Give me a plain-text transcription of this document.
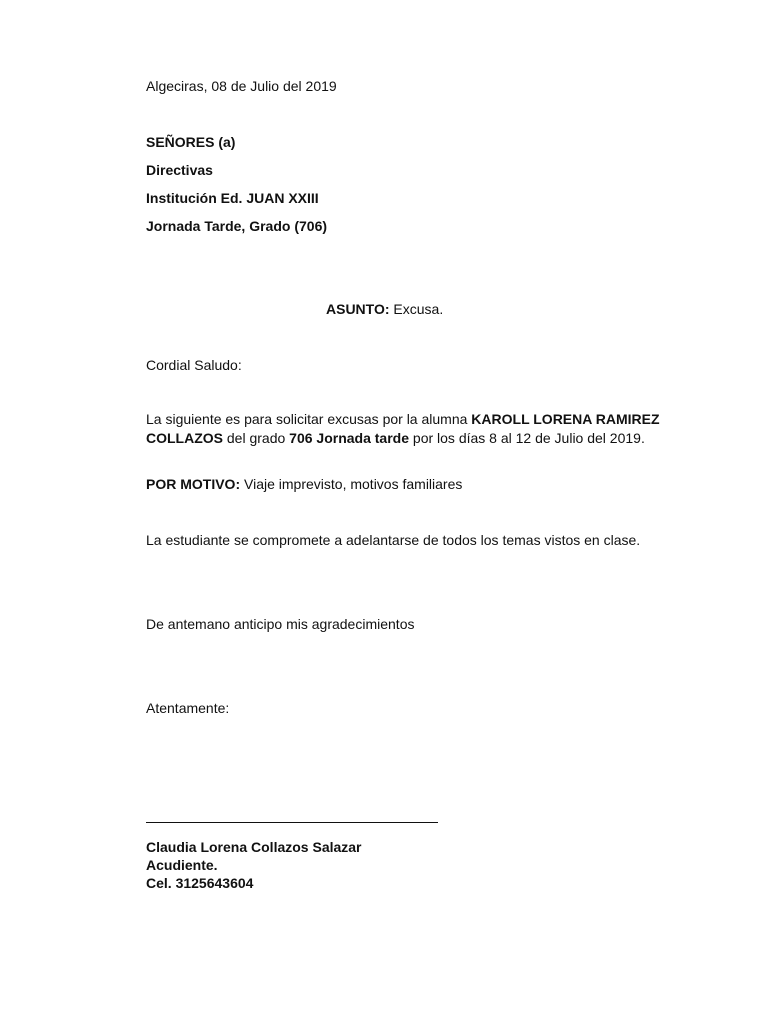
Algeciras, 08 de Julio del 2019
SEÑORES (a)
Directivas
Institución Ed. JUAN XXIII
Jornada Tarde, Grado (706)
ASUNTO: Excusa.
Cordial Saludo:
La siguiente es para solicitar excusas por la alumna KAROLL LORENA RAMIREZ COLLAZOS del grado 706 Jornada tarde por los días 8 al 12 de Julio del 2019.
POR MOTIVO: Viaje imprevisto, motivos familiares
La estudiante se compromete a adelantarse de todos los temas vistos en clase.
De antemano anticipo mis agradecimientos
Atentamente:
Claudia Lorena Collazos Salazar
Acudiente.
Cel. 3125643604
